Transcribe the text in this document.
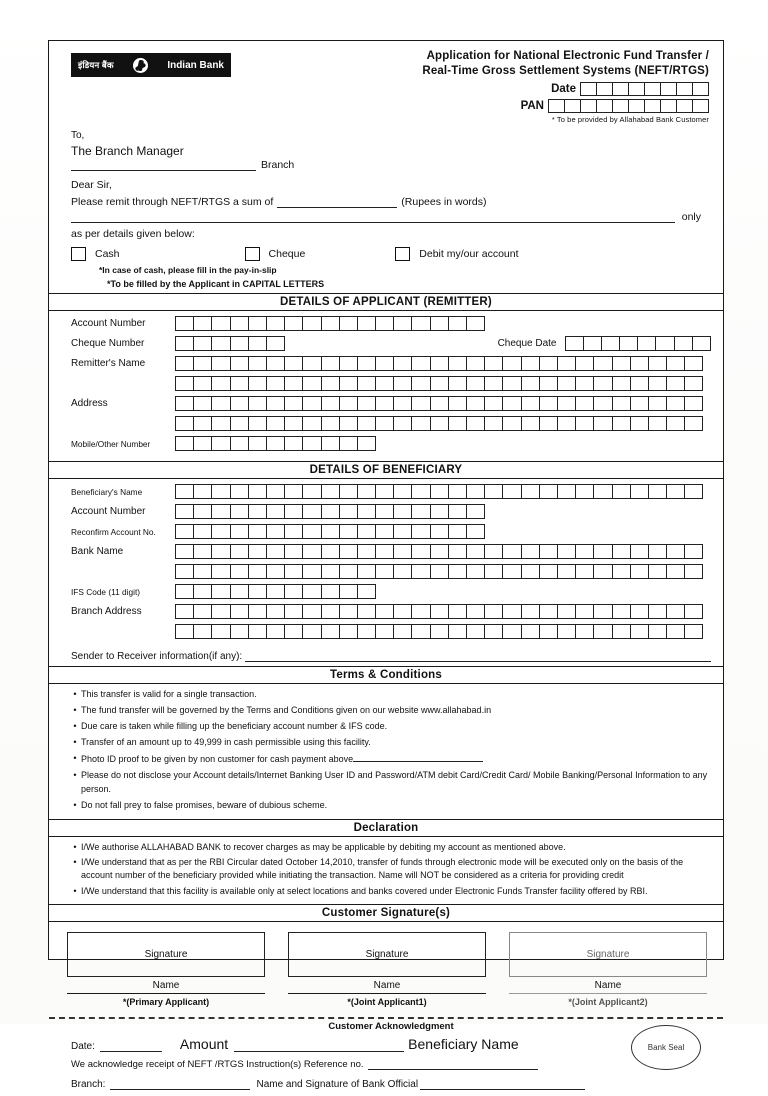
इंडियन बैंक	Indian Bank
Application for National Electronic Fund Transfer /
Real-Time Gross Settlement Systems (NEFT/RTGS)
Date
PAN
* To be provided by Allahabad Bank Customer
To,
The Branch Manager
Branch
Dear Sir,
Please remit through NEFT/RTGS a sum of	(Rupees in words)
only
as per details given below:
Cash	Cheque	Debit my/our account
*In case of cash, please fill in the pay-in-slip
*To be filled by the Applicant in CAPITAL LETTERS
DETAILS OF APPLICANT (REMITTER)
Account Number
Cheque Number	Cheque Date
Remitter's Name
Address
Mobile/Other Number
DETAILS OF BENEFICIARY
Beneficiary's Name
Account Number
Reconfirm Account No.
Bank Name
IFS Code (11 digit)
Branch Address
Sender to Receiver information(if any):
Terms & Conditions
• This transfer is valid for a single transaction.
• The fund transfer will be governed by the Terms and Conditions given on our website www.allahabad.in
• Due care is taken while filling up the beneficiary account number & IFS code.
• Transfer of an amount up to 49,999 in cash permissible using this facility.
• Photo ID proof to be given by non customer for cash payment above
• Please do not disclose your Account details/Internet Banking User ID and Password/ATM debit Card/Credit Card/ Mobile Banking/Personal Information to any person.
• Do not fall prey to false promises, beware of dubious scheme.
Declaration
• I/We authorise ALLAHABAD BANK to recover charges as may be applicable by debiting my account as mentioned above.
• I/We understand that as per the RBI Circular dated October 14,2010, transfer of funds through electronic mode will be executed only on the basis of the account number of the beneficiary provided while initiating the transaction. Name will NOT be considered as a criteria for providing credit
• I/We understand that this facility is available only at select locations and banks covered under Electronic Funds Transfer facility offered by RBI.
Customer Signature(s)
Signature
Name
*(Primary Applicant)
Signature
Name
*(Joint Applicant1)
Signature
Name
*(Joint Applicant2)
Customer Acknowledgment
Date:	Amount	Beneficiary Name
We acknowledge receipt of NEFT /RTGS Instruction(s) Reference no.
Branch:	Name and Signature of Bank Official
Bank Seal
